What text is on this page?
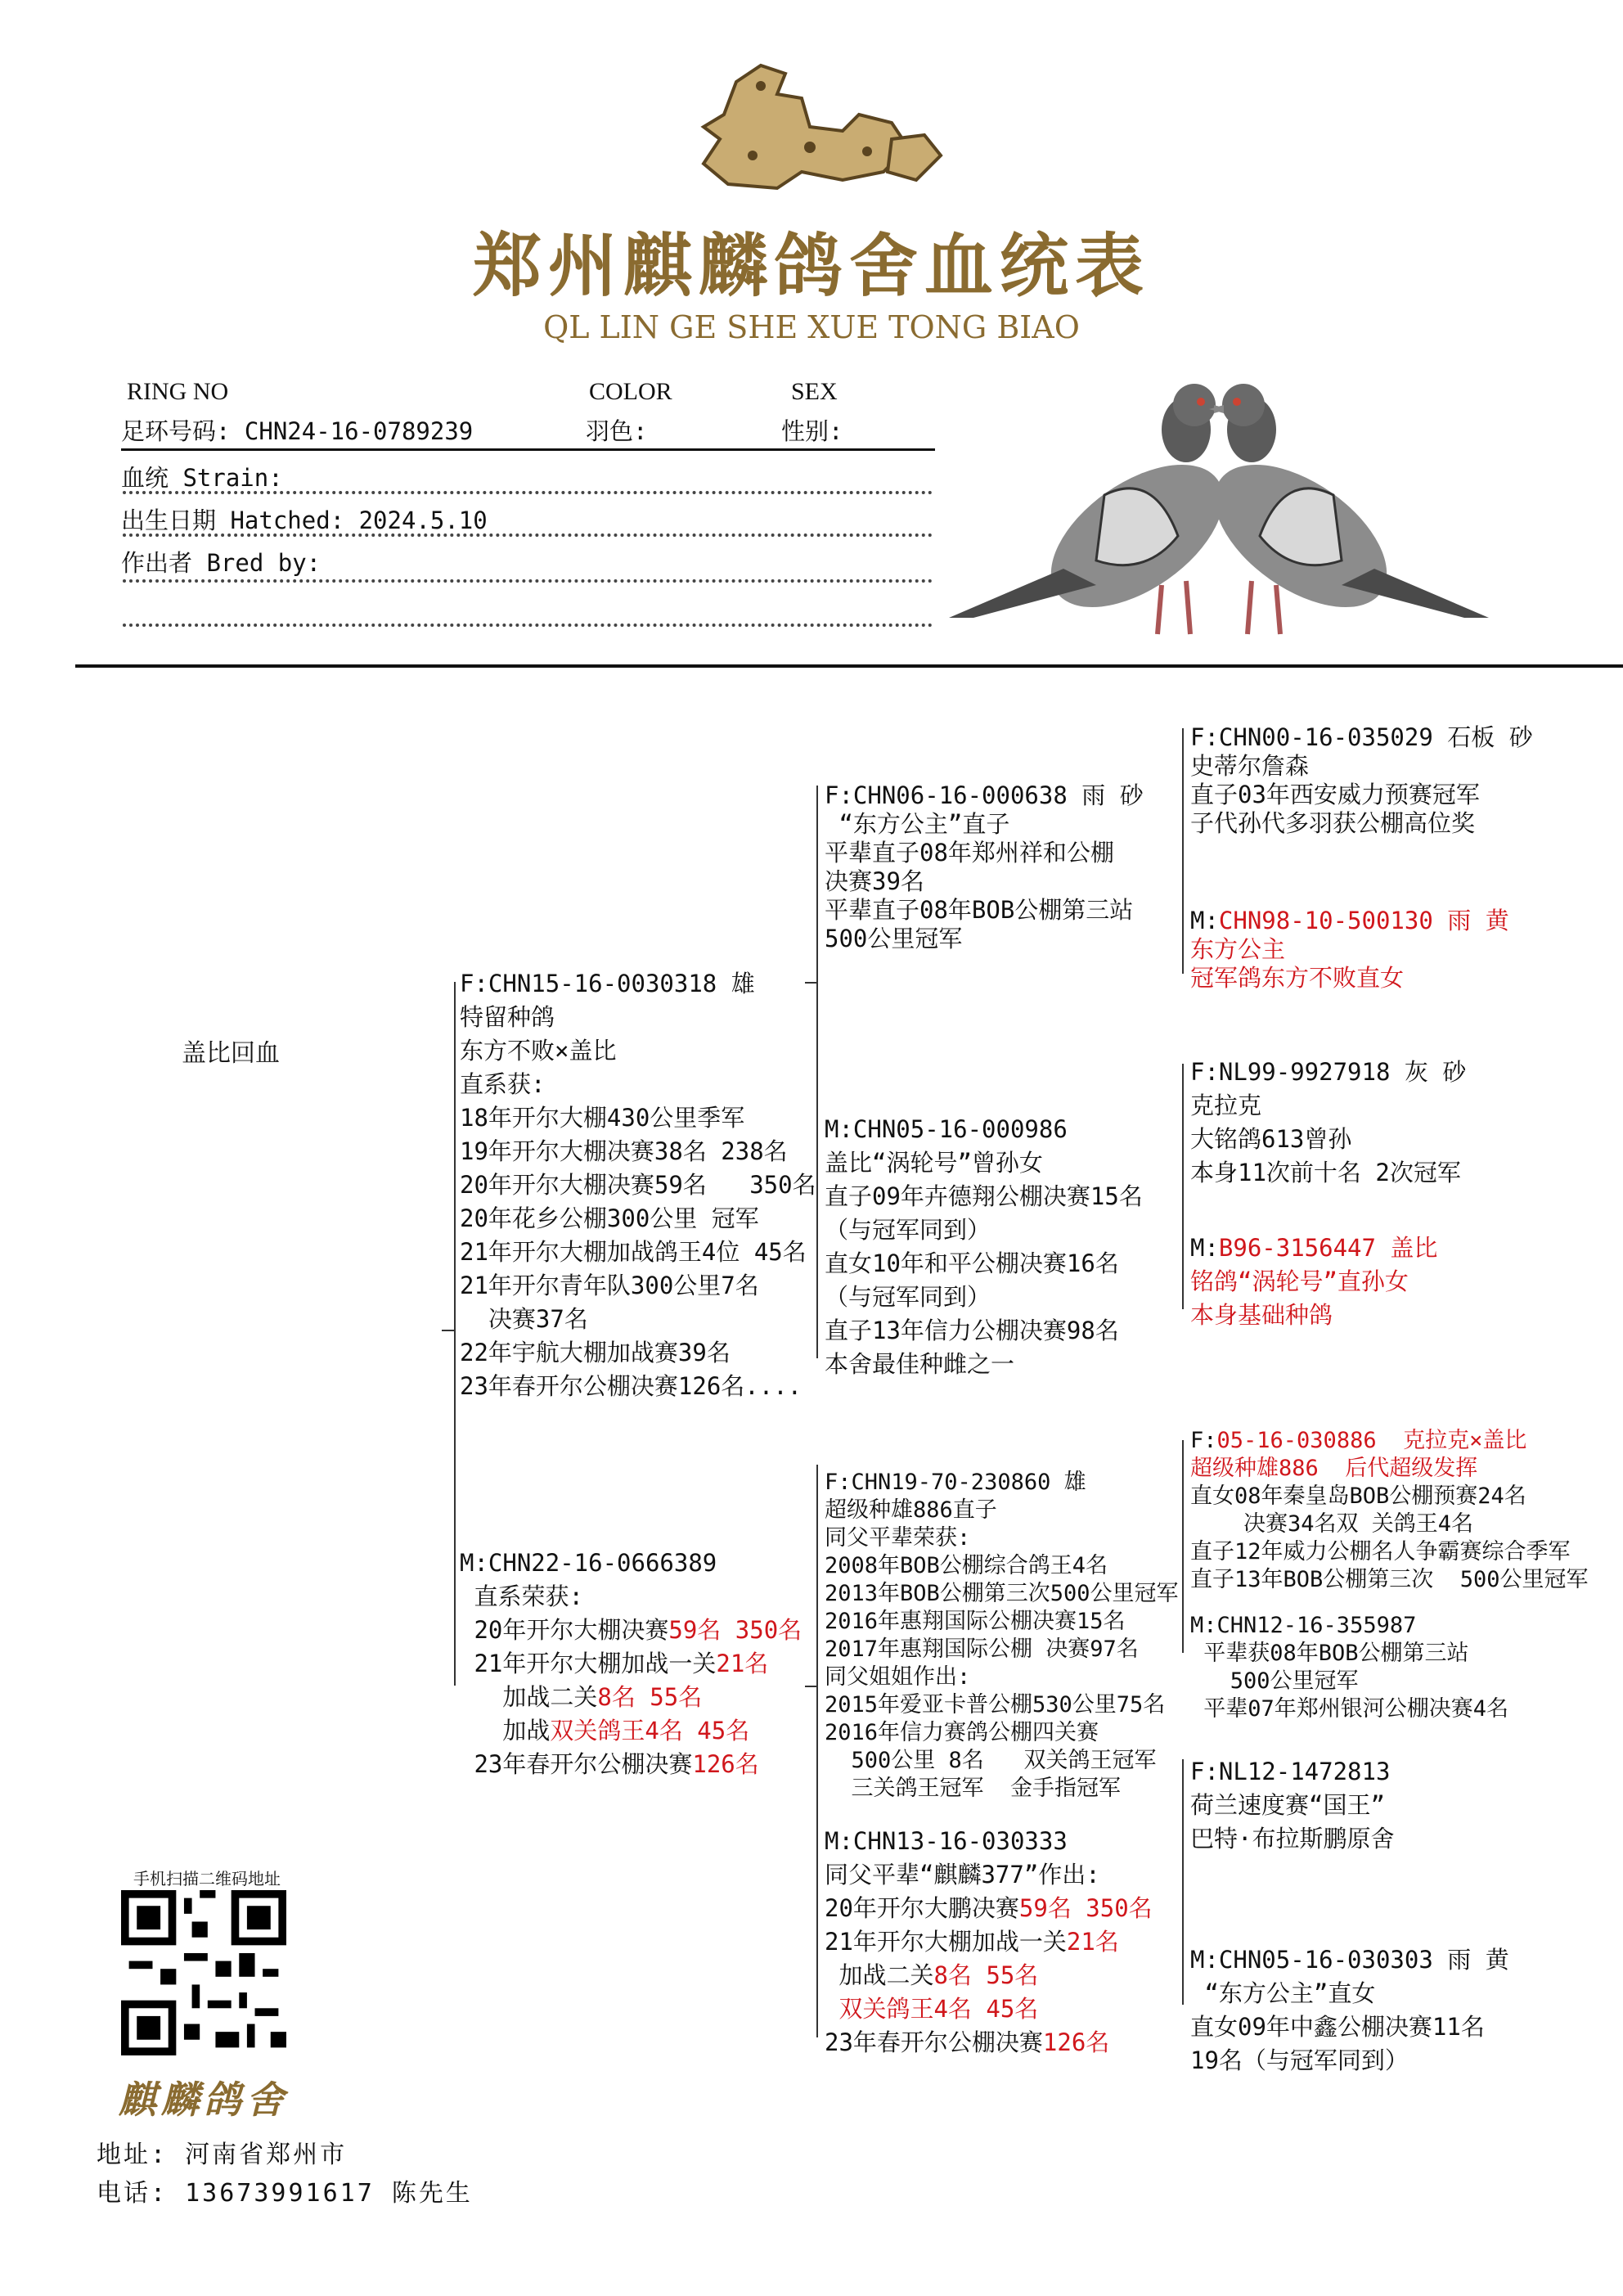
郑州麒麟鸽舍血统表
QL LIN GE SHE XUE TONG BIAO
RING NO	COLOR	SEX
足环号码: CHN24-16-0789239	羽色:	性别:
血统 Strain:
出生日期 Hatched: 2024.5.10
作出者 Bred by:
盖比回血
F:CHN15-16-0030318 雄
特留种鸽
东方不败×盖比
直系获:
18年开尔大棚430公里季军
19年开尔大棚决赛38名 238名
20年开尔大棚决赛59名   350名
20年花乡公棚300公里 冠军
21年开尔大棚加战鸽王4位 45名
21年开尔青年队300公里7名
决赛37名
22年宇航大棚加战赛39名
23年春开尔公棚决赛126名....
M:CHN22-16-0666389
直系荣获:
20年开尔大棚决赛59名 350名
21年开尔大棚加战一关21名
加战二关8名 55名
加战双关鸽王4名 45名
23年春开尔公棚决赛126名
F:CHN06-16-000638 雨 砂
“东方公主”直子
平辈直子08年郑州祥和公棚
决赛39名
平辈直子08年BOB公棚第三站
500公里冠军
M:CHN05-16-000986
盖比“涡轮号”曾孙女
直子09年卉德翔公棚决赛15名
（与冠军同到）
直女10年和平公棚决赛16名
（与冠军同到）
直子13年信力公棚决赛98名
本舍最佳种雌之一
F:CHN19-70-230860 雄
超级种雄886直子
同父平辈荣获:
2008年BOB公棚综合鸽王4名
2013年BOB公棚第三次500公里冠军
2016年惠翔国际公棚决赛15名
2017年惠翔国际公棚 决赛97名
同父姐姐作出:
2015年爱亚卡普公棚530公里75名
2016年信力赛鸽公棚四关赛
500公里 8名   双关鸽王冠军
三关鸽王冠军  金手指冠军
M:CHN13-16-030333
同父平辈“麒麟377”作出:
20年开尔大鹏决赛59名 350名
21年开尔大棚加战一关21名
加战二关8名 55名
双关鸽王4名 45名
23年春开尔公棚决赛126名
F:CHN00-16-035029 石板 砂
史蒂尔詹森
直子03年西安威力预赛冠军
子代孙代多羽获公棚高位奖
M:CHN98-10-500130 雨 黄
东方公主
冠军鸽东方不败直女
F:NL99-9927918 灰 砂
克拉克
大铭鸽613曾孙
本身11次前十名 2次冠军
M:B96-3156447 盖比
铭鸽“涡轮号”直孙女
本身基础种鸽
F:05-16-030886  克拉克×盖比
超级种雄886  后代超级发挥
直女08年秦皇岛BOB公棚预赛24名
决赛34名双 关鸽王4名
直子12年威力公棚名人争霸赛综合季军
直子13年BOB公棚第三次  500公里冠军
M:CHN12-16-355987
平辈获08年BOB公棚第三站
500公里冠军
平辈07年郑州银河公棚决赛4名
F:NL12-1472813
荷兰速度赛“国王”
巴特·布拉斯鹏原舍
M:CHN05-16-030303 雨 黄
“东方公主”直女
直女09年中鑫公棚决赛11名
19名（与冠军同到）
手机扫描二维码地址
麒麟鸽舍
地址: 河南省郑州市
电话: 13673991617 陈先生
